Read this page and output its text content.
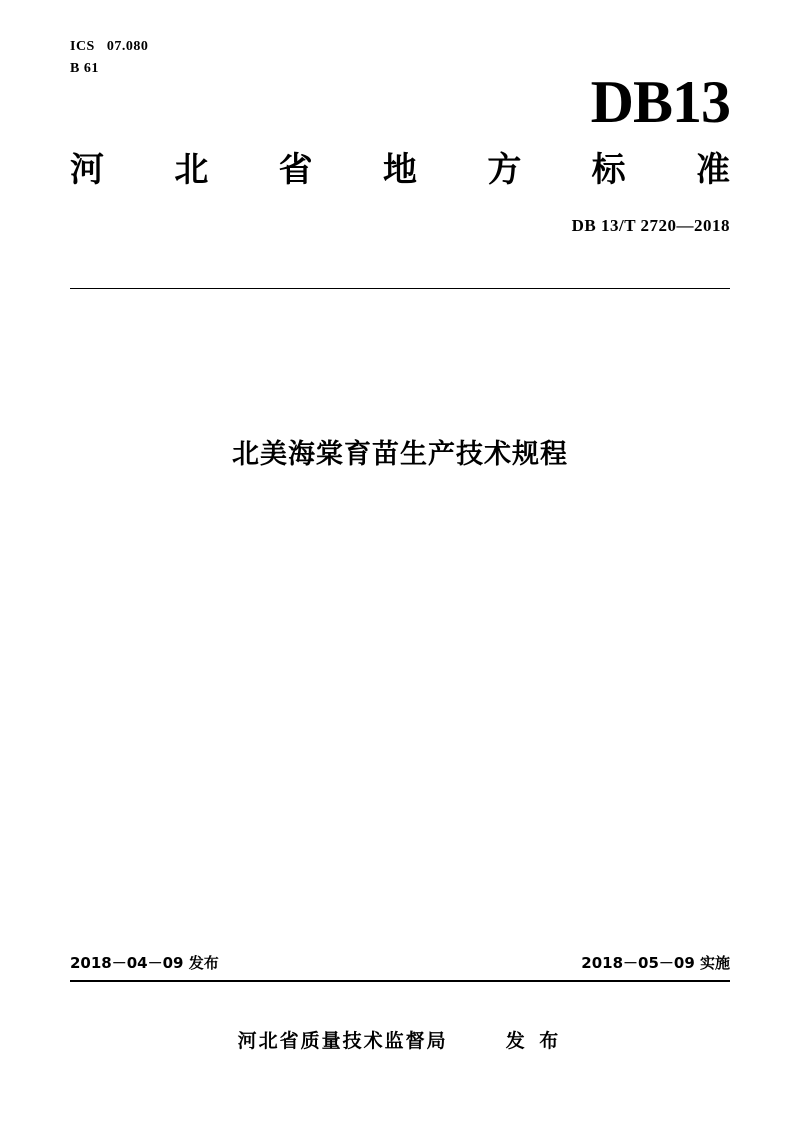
ICS 07.080
B 61
DB13
河 北 省 地 方 标 准
DB 13/T 2720—2018
北美海棠育苗生产技术规程
2018－04－09 发布	2018－05－09 实施
河北省质量技术监督局	发 布
